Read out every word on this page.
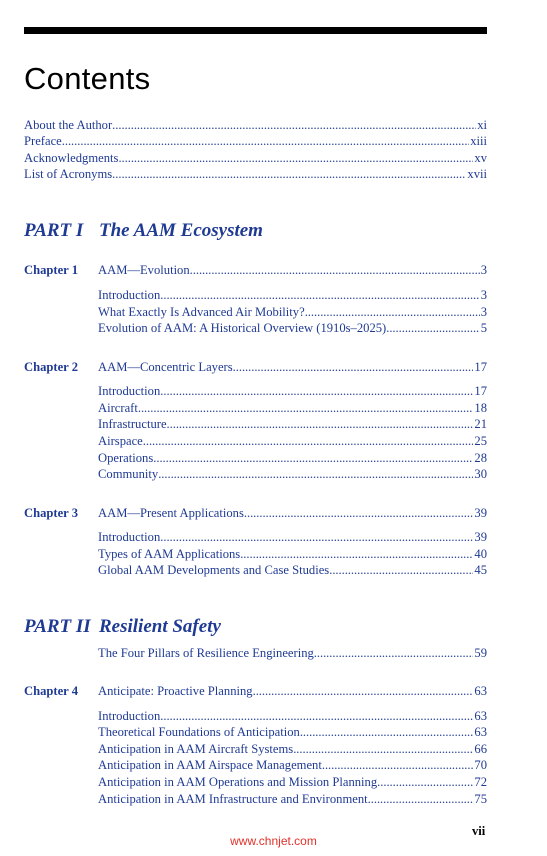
Contents
About the Author . . .	xi
Preface . . .	xiii
Acknowledgments . . .	xv
List of Acronyms . . .	xvii
PART I The AAM Ecosystem
Chapter 1 AAM—Evolution . . .	3
Introduction . . .	3
What Exactly Is Advanced Air Mobility? . . .	3
Evolution of AAM: A Historical Overview (1910s–2025) . . .	5
Chapter 2 AAM—Concentric Layers . . .	17
Introduction . . .	17
Aircraft . . .	18
Infrastructure . . .	21
Airspace . . .	25
Operations . . .	28
Community . . .	30
Chapter 3 AAM—Present Applications . . .	39
Introduction . . .	39
Types of AAM Applications . . .	40
Global AAM Developments and Case Studies . . .	45
PART II Resilient Safety
The Four Pillars of Resilience Engineering . . .	59
Chapter 4 Anticipate: Proactive Planning . . .	63
Introduction . . .	63
Theoretical Foundations of Anticipation . . .	63
Anticipation in AAM Aircraft Systems . . .	66
Anticipation in AAM Airspace Management . . .	70
Anticipation in AAM Operations and Mission Planning . . .	72
Anticipation in AAM Infrastructure and Environment . . .	75
vii
www.chnjet.com
